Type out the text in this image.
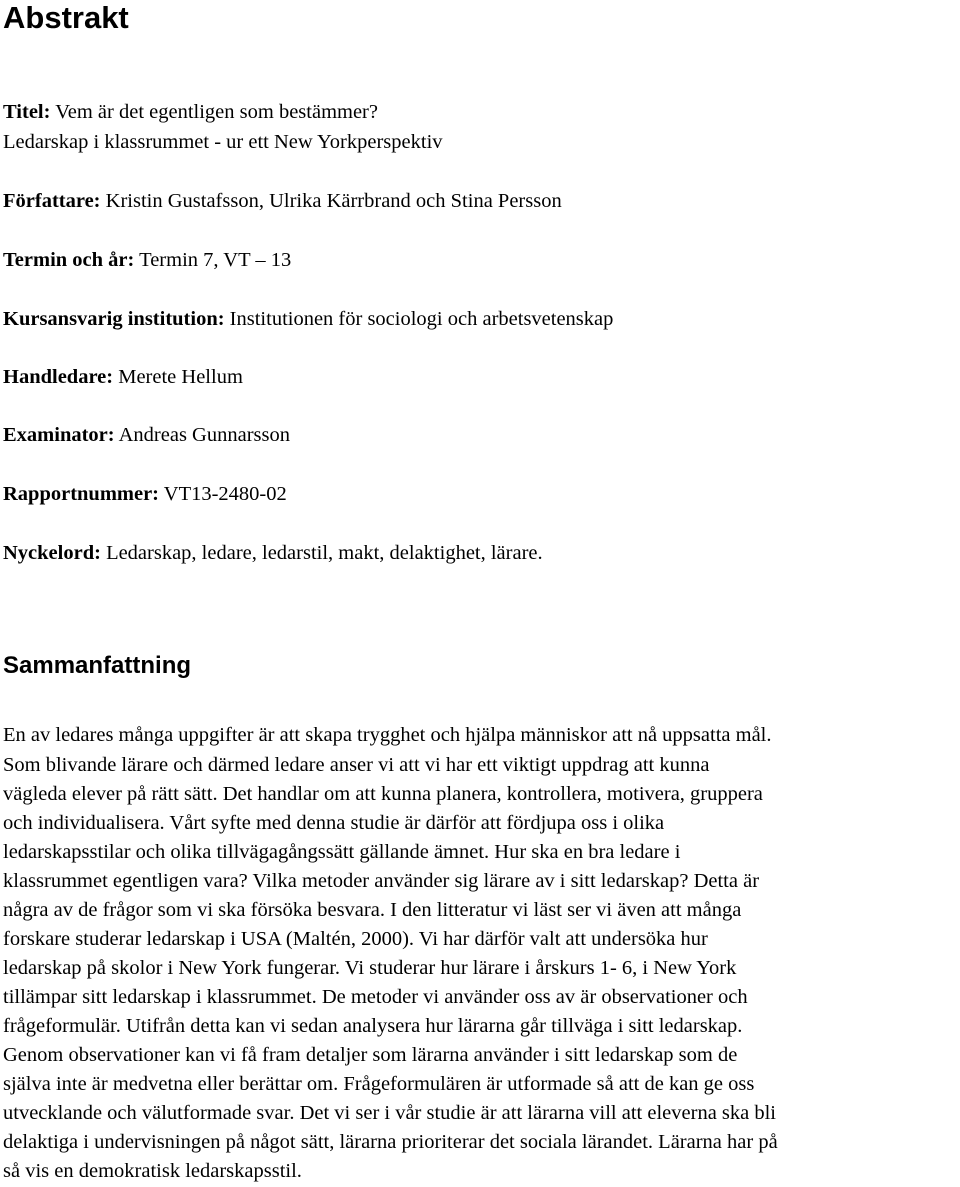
Abstrakt

Titel: Vem är det egentligen som bestämmer?

Ledarskap i klassrummet - ur ett New Yorkperspektiv

Författare: Kristin Gustafsson, Ulrika Kärrbrand och Stina Persson

Termin och år: Termin 7, VT – 13

Kursansvarig institution: Institutionen för sociologi och arbetsvetenskap

Handledare: Merete Hellum

Examinator: Andreas Gunnarsson

Rapportnummer: VT13-2480-02

Nyckelord: Ledarskap, ledare, ledarstil, makt, delaktighet, lärare.

Sammanfattning

En av ledares många uppgifter är att skapa trygghet och hjälpa människor att nå uppsatta mål.

Som blivande lärare och därmed ledare anser vi att vi har ett viktigt uppdrag att kunna

vägleda elever på rätt sätt. Det handlar om att kunna planera, kontrollera, motivera, gruppera

och individualisera. Vårt syfte med denna studie är därför att fördjupa oss i olika

ledarskapsstilar och olika tillvägagångssätt gällande ämnet. Hur ska en bra ledare i

klassrummet egentligen vara? Vilka metoder använder sig lärare av i sitt ledarskap? Detta är

några av de frågor som vi ska försöka besvara. I den litteratur vi läst ser vi även att många

forskare studerar ledarskap i USA (Maltén, 2000). Vi har därför valt att undersöka hur

ledarskap på skolor i New York fungerar. Vi studerar hur lärare i årskurs 1- 6, i New York

tillämpar sitt ledarskap i klassrummet. De metoder vi använder oss av är observationer och

frågeformulär. Utifrån detta kan vi sedan analysera hur lärarna går tillväga i sitt ledarskap.

Genom observationer kan vi få fram detaljer som lärarna använder i sitt ledarskap som de

själva inte är medvetna eller berättar om. Frågeformulären är utformade så att de kan ge oss

utvecklande och välutformade svar. Det vi ser i vår studie är att lärarna vill att eleverna ska bli

delaktiga i undervisningen på något sätt, lärarna prioriterar det sociala lärandet. Lärarna har på

så vis en demokratisk ledarskapsstil.
